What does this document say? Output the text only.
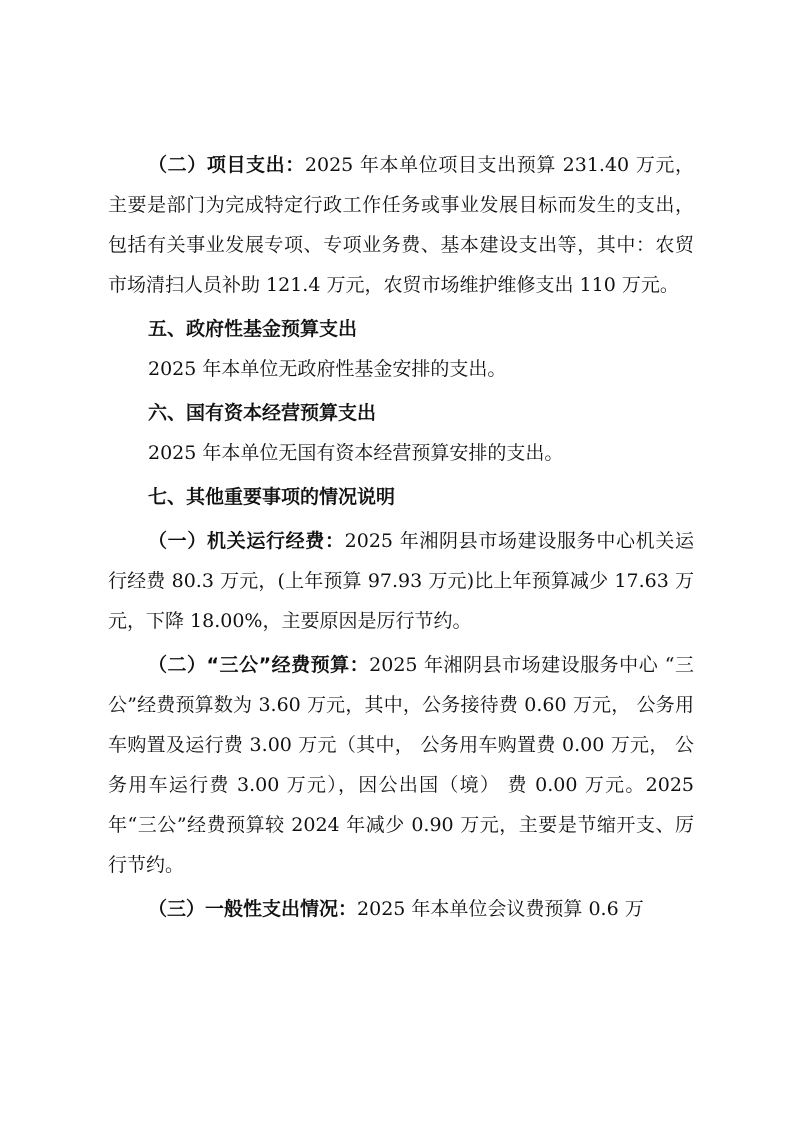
（二）项目支出：2025 年本单位项目支出预算 231.40 万元，主要是部门为完成特定行政工作任务或事业发展目标而发生的支出， 包括有关事业发展专项、专项业务费、基本建设支出等，其中：农贸市场清扫人员补助 121.4 万元，农贸市场维护维修支出 110 万元。

五、政府性基金预算支出

2025 年本单位无政府性基金安排的支出。

六、国有资本经营预算支出

2025 年本单位无国有资本经营预算安排的支出。

七、其他重要事项的情况说明

（一）机关运行经费：2025 年湘阴县市场建设服务中心机关运行经费 80.3 万元，(上年预算 97.93 万元)比上年预算减少 17.63 万元，下降 18.00%，主要原因是厉行节约。

（二）“三公”经费预算：2025 年湘阴县市场建设服务中心 “三公”经费预算数为 3.60 万元，其中，公务接待费 0.60 万元， 公务用车购置及运行费 3.00 万元（其中， 公务用车购置费 0.00 万元， 公务用车运行费 3.00 万元），因公出国（境） 费 0.00 万元。2025 年“三公”经费预算较 2024 年减少 0.90 万元，主要是节缩开支、厉行节约。

（三）一般性支出情况：2025 年本单位会议费预算 0.6 万
